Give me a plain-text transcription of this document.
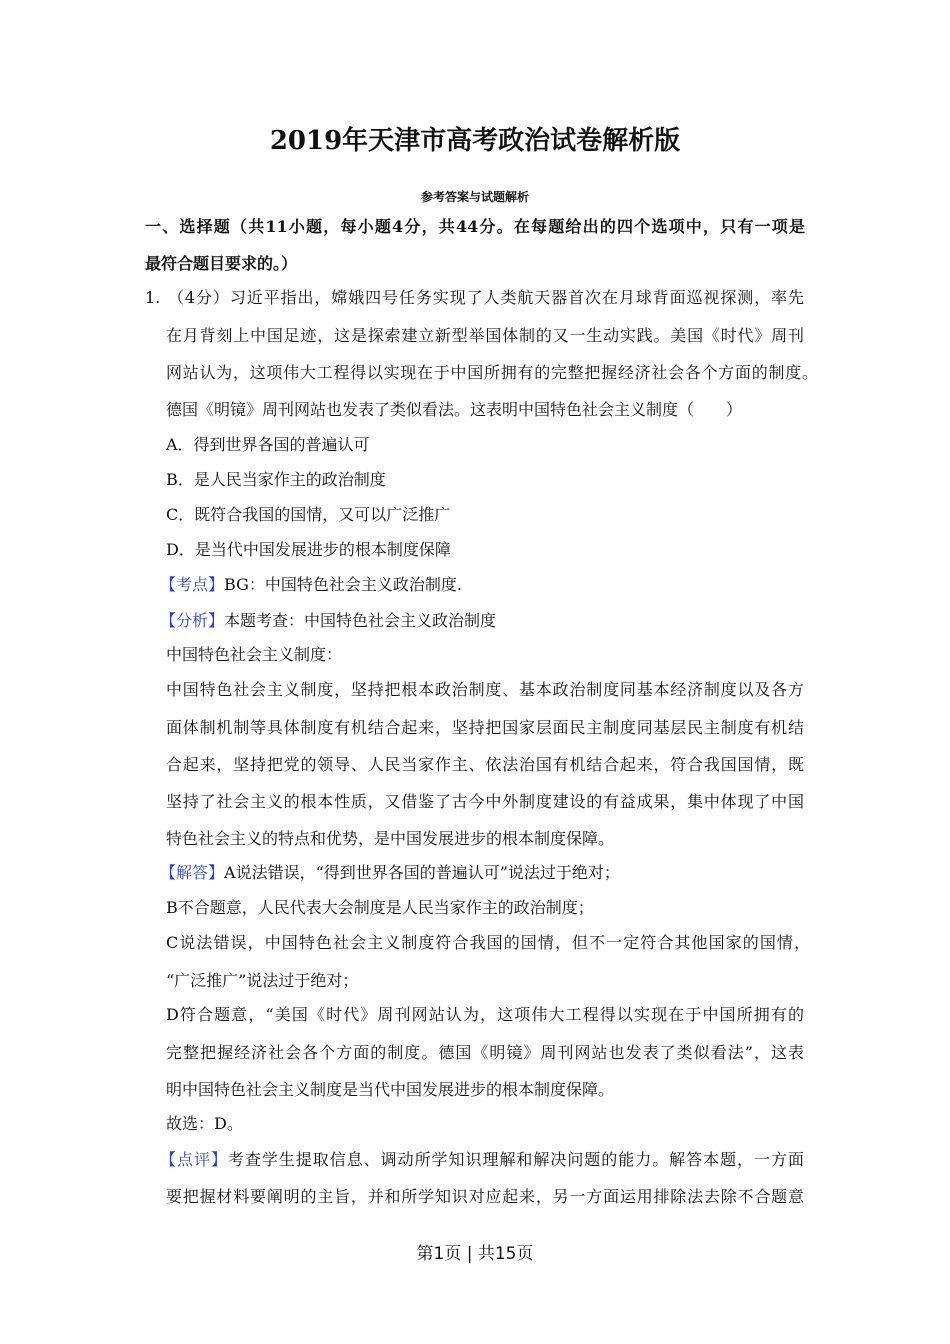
2019年天津市高考政治试卷解析版
参考答案与试题解析
一、选择题（共11小题，每小题4分，共44分。在每题给出的四个选项中，只有一项是
最符合题目要求的。）
1. （4分）习近平指出，嫦娥四号任务实现了人类航天器首次在月球背面巡视探测，率先
在月背刻上中国足迹，这是探索建立新型举国体制的又一生动实践。美国《时代》周刊
网站认为，这项伟大工程得以实现在于中国所拥有的完整把握经济社会各个方面的制度。
德国《明镜》周刊网站也发表了类似看法。这表明中国特色社会主义制度（　　）
A．得到世界各国的普遍认可
B．是人民当家作主的政治制度
C．既符合我国的国情，又可以广泛推广
D．是当代中国发展进步的根本制度保障
【考点】BG：中国特色社会主义政治制度.
【分析】本题考查：中国特色社会主义政治制度
中国特色社会主义制度：
中国特色社会主义制度，坚持把根本政治制度、基本政治制度同基本经济制度以及各方
面体制机制等具体制度有机结合起来，坚持把国家层面民主制度同基层民主制度有机结
合起来，坚持把党的领导、人民当家作主、依法治国有机结合起来，符合我国国情，既
坚持了社会主义的根本性质，又借鉴了古今中外制度建设的有益成果，集中体现了中国
特色社会主义的特点和优势，是中国发展进步的根本制度保障。
【解答】A说法错误，“得到世界各国的普遍认可”说法过于绝对；
B不合题意，人民代表大会制度是人民当家作主的政治制度；
C说法错误，中国特色社会主义制度符合我国的国情，但不一定符合其他国家的国情，
“广泛推广”说法过于绝对；
D符合题意，“美国《时代》周刊网站认为，这项伟大工程得以实现在于中国所拥有的
完整把握经济社会各个方面的制度。德国《明镜》周刊网站也发表了类似看法”，这表
明中国特色社会主义制度是当代中国发展进步的根本制度保障。
故选：D。
【点评】考查学生提取信息、调动所学知识理解和解决问题的能力。解答本题，一方面
要把握材料要阐明的主旨，并和所学知识对应起来，另一方面运用排除法去除不合题意
第1页 | 共15页
